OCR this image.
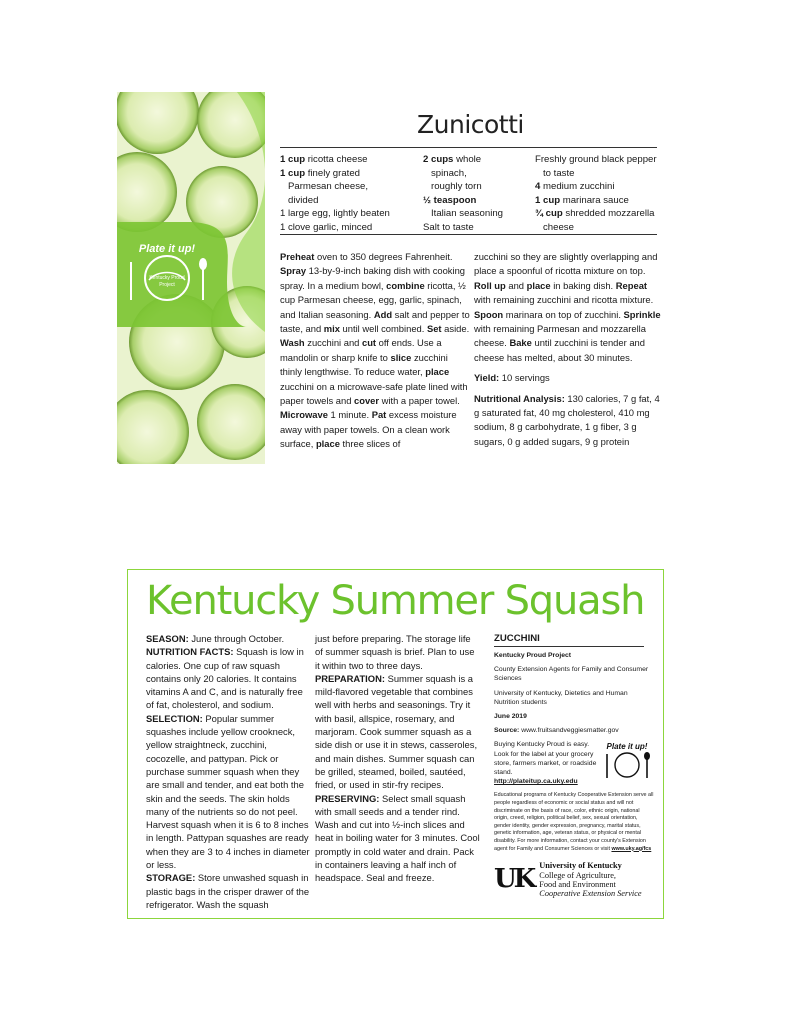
Plate it up!
Kentucky Proud
Project
Zunicotti
1 cup ricotta cheese
1 cup finely grated
Parmesan cheese,
divided
1 large egg, lightly beaten
1 clove garlic, minced
2 cups whole
spinach,
roughly torn
½ teaspoon
Italian seasoning
Salt to taste
Freshly ground black pepper
to taste
4 medium zucchini
1 cup marinara sauce
¾ cup shredded mozzarella
cheese

Preheat oven to 350 degrees Fahrenheit. Spray 13-by-9-inch baking dish with cooking spray. In a medium bowl, combine ricotta, ½ cup Parmesan cheese, egg, garlic, spinach, and Italian seasoning. Add salt and pepper to taste, and mix until well combined. Set aside. Wash zucchini and cut off ends. Use a mandolin or sharp knife to slice zucchini thinly lengthwise. To reduce water, place zucchini on a microwave-safe plate lined with paper towels and cover with a paper towel. Microwave 1 minute. Pat excess moisture away with paper towels. On a clean work surface, place three slices of

zucchini so they are slightly overlapping and place a spoonful of ricotta mixture on top. Roll up and place in baking dish. Repeat with remaining zucchini and ricotta mixture. Spoon marinara on top of zucchini. Sprinkle with remaining Parmesan and mozzarella cheese. Bake until zucchini is tender and cheese has melted, about 30 minutes.

Yield: 10 servings

Nutritional Analysis: 130 calories, 7 g fat, 4 g saturated fat, 40 mg cholesterol, 410 mg sodium, 8 g carbohydrate, 1 g fiber, 3 g sugars, 0 g added sugars, 9 g protein

Kentucky Summer Squash
SEASON: June through October.
NUTRITION FACTS: Squash is low in calories. One cup of raw squash contains only 20 calories. It contains vitamins A and C, and is naturally free of fat, cholesterol, and sodium.
SELECTION: Popular summer squashes include yellow crookneck, yellow straightneck, zucchini, cocozelle, and pattypan. Pick or purchase summer squash when they are small and tender, and eat both the skin and the seeds. The skin holds many of the nutrients so do not peel. Harvest squash when it is 6 to 8 inches in length. Pattypan squashes are ready when they are 3 to 4 inches in diameter or less.
STORAGE: Store unwashed squash in plastic bags in the crisper drawer of the refrigerator. Wash the squash
just before preparing. The storage life of summer squash is brief. Plan to use it within two to three days.
PREPARATION: Summer squash is a mild-flavored vegetable that combines well with herbs and seasonings. Try it with basil, allspice, rosemary, and marjoram. Cook summer squash as a side dish or use it in stews, casseroles, and main dishes. Summer squash can be grilled, steamed, boiled, sautéed, fried, or used in stir-fry recipes.
PRESERVING: Select small squash with small seeds and a tender rind. Wash and cut into ½-inch slices and heat in boiling water for 3 minutes. Cool promptly in cold water and drain. Pack in containers leaving a half inch of headspace. Seal and freeze.
ZUCCHINI

Kentucky Proud Project

County Extension Agents for Family and Consumer Sciences

University of Kentucky, Dietetics and Human Nutrition students

June 2019

Source: www.fruitsandveggiesmatter.gov

Buying Kentucky Proud is easy. Look for the label at your grocery store, farmers market, or roadside stand. http://plateitup.ca.uky.edu

Plate it up!

Educational programs of Kentucky Cooperative Extension serve all people regardless of economic or social status and will not discriminate on the basis of race, color, ethnic origin, national origin, creed, religion, political belief, sex, sexual orientation, gender identity, gender expression, pregnancy, marital status, genetic information, age, veteran status, or physical or mental disability. For more information, contact your county's Extension agent for Family and Consumer Sciences or visit www.uky.ag/fcs

UK University of Kentucky
College of Agriculture,
Food and Environment
Cooperative Extension Service
